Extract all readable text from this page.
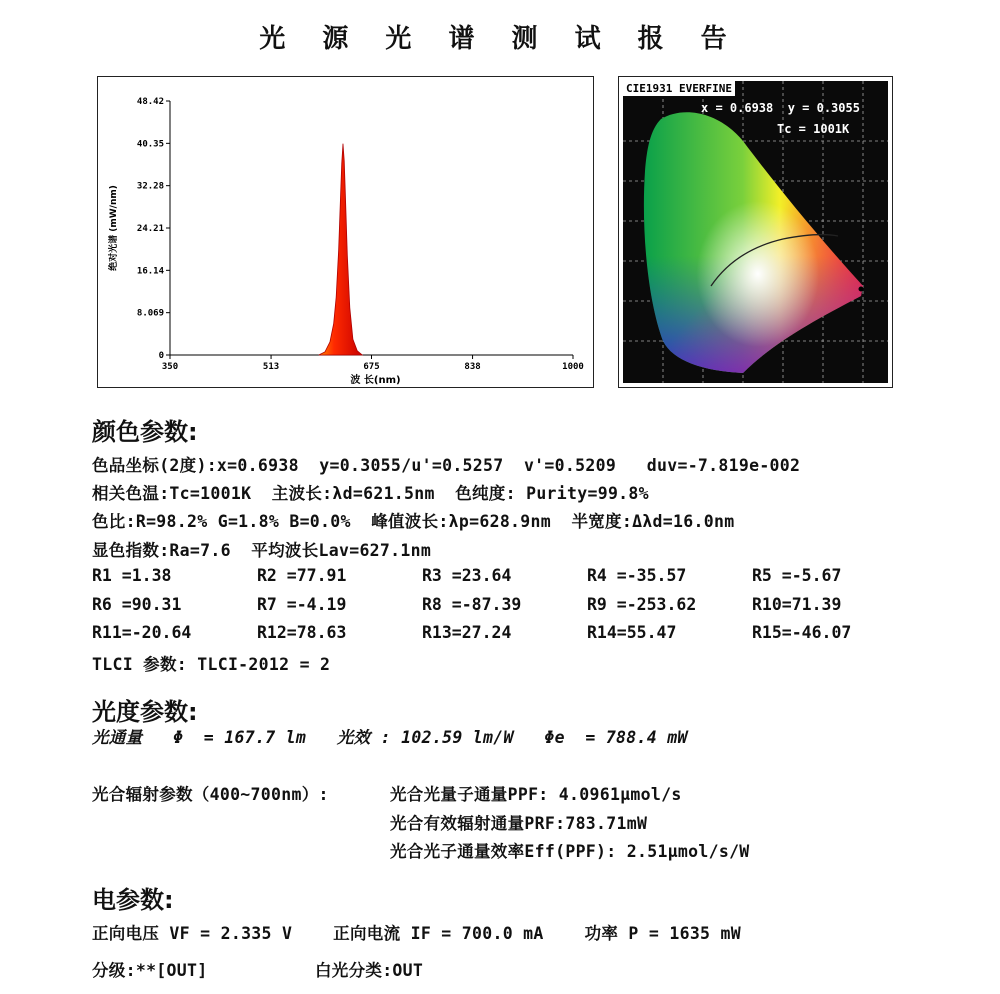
光 源 光 谱 测 试 报 告
0
8.069
16.14
24.21
32.28
40.35
48.42
350	513	675	838	1000
波 长(nm)
绝对光谱 (mW/nm)
CIE1931 EVERFINE
x = 0.6938  y = 0.3055
Tc = 1001K
颜色参数:
色品坐标(2度):x=0.6938  y=0.3055/u'=0.5257  v'=0.5209   duv=-7.819e-002
相关色温:Tc=1001K  主波长:λd=621.5nm  色纯度: Purity=99.8%
色比:R=98.2% G=1.8% B=0.0%  峰值波长:λp=628.9nm  半宽度:Δλd=16.0nm
显色指数:Ra=7.6  平均波长Lav=627.1nm
R1 =1.38	R2 =77.91	R3 =23.64	R4 =-35.57	R5 =-5.67
R6 =90.31	R7 =-4.19	R8 =-87.39	R9 =-253.62	R10=71.39
R11=-20.64	R12=78.63	R13=27.24	R14=55.47	R15=-46.07
TLCI 参数: TLCI-2012 = 2
光度参数:
光通量   Φ  = 167.7 lm   光效 : 102.59 lm/W   Φe  = 788.4 mW
光合辐射参数（400~700nm）:	光合光量子通量PPF: 4.0961μmol/s
光合有效辐射通量PRF:783.71mW
光合光子通量效率Eff(PPF): 2.51μmol/s/W
电参数:
正向电压 VF = 2.335 V    正向电流 IF = 700.0 mA    功率 P = 1635 mW
分级:**[OUT]	白光分类:OUT
